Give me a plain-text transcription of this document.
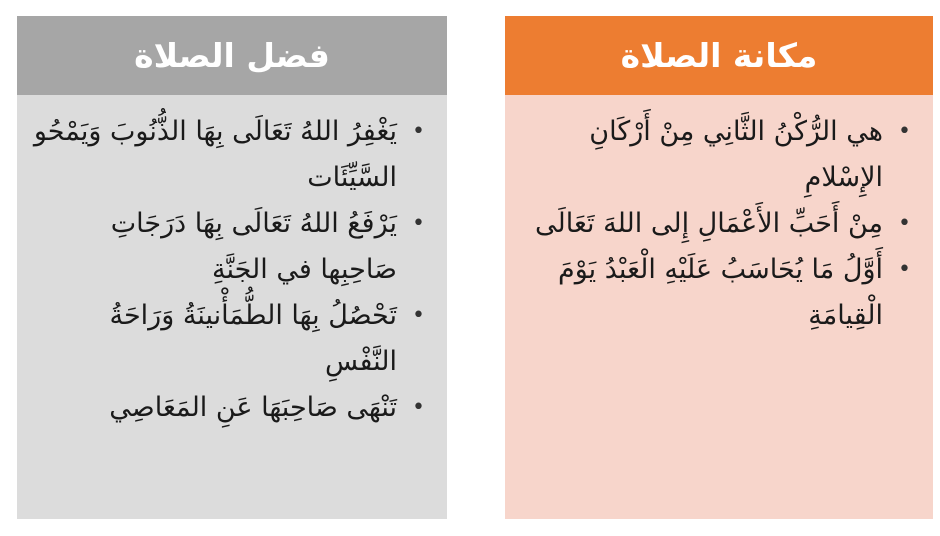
فضل الصلاة
•
يَغْفِرُ اللهُ تَعَالَى بِهَا الذُّنُوبَ وَيَمْحُو السَّيِّئَات
•
يَرْفَعُ اللهُ تَعَالَى بِهَا دَرَجَاتِ صَاحِبِها في الجَنَّةِ
•
تَحْصُلُ بِهَا الطُّمَأْنينَةُ وَرَاحَةُ النَّفْسِ
•
تَنْهَى صَاحِبَهَا عَنِ المَعَاصِي
مكانة الصلاة
•
هي الرُّكْنُ الثَّانِي مِنْ أَرْكَانِ الإِسْلامِ
•
مِنْ أَحَبِّ الأَعْمَالِ إِلى اللهَ تَعَالَى
•
أَوَّلُ مَا يُحَاسَبُ عَلَيْهِ الْعَبْدُ يَوْمَ الْقِيامَةِ
